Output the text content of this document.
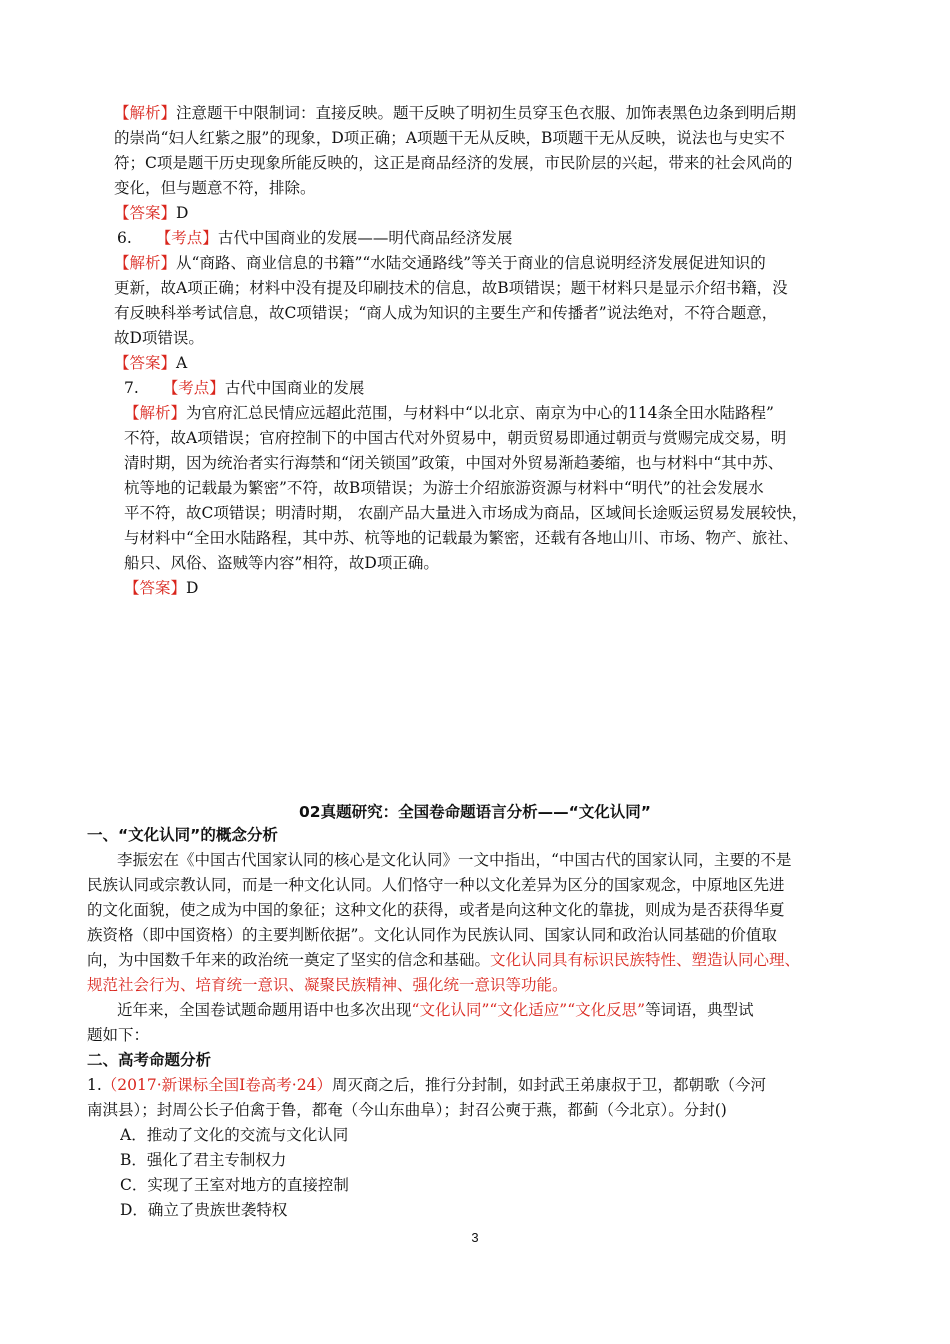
【解析】注意题干中限制词：直接反映。题干反映了明初生员穿玉色衣服、加饰表黑色边条到明后期
的崇尚“妇人红紫之服”的现象，D项正确；A项题干无从反映，B项题干无从反映，说法也与史实不
符；C项是题干历史现象所能反映的，这正是商品经济的发展，市民阶层的兴起，带来的社会风尚的
变化，但与题意不符，排除。
【答案】D
6. 【考点】古代中国商业的发展——明代商品经济发展
【解析】从“商路、商业信息的书籍”“水陆交通路线”等关于商业的信息说明经济发展促进知识的
更新，故A项正确；材料中没有提及印刷技术的信息，故B项错误；题干材料只是显示介绍书籍，没
有反映科举考试信息，故C项错误；“商人成为知识的主要生产和传播者”说法绝对，不符合题意，
故D项错误。
【答案】A
7. 【考点】古代中国商业的发展
【解析】为官府汇总民情应远超此范围，与材料中“以北京、南京为中心的114条全田水陆路程”
不符，故A项错误；官府控制下的中国古代对外贸易中，朝贡贸易即通过朝贡与赏赐完成交易，明
清时期，因为统治者实行海禁和“闭关锁国”政策，中国对外贸易渐趋萎缩，也与材料中“其中苏、
杭等地的记载最为繁密”不符，故B项错误；为游士介绍旅游资源与材料中“明代”的社会发展水
平不符，故C项错误；明清时期， 农副产品大量进入市场成为商品，区域间长途贩运贸易发展较快，
与材料中“全田水陆路程，其中苏、杭等地的记载最为繁密，还载有各地山川、市场、物产、旅社、
船只、风俗、盗贼等内容”相符，故D项正确。
【答案】D
02真题研究：全国卷命题语言分析——“文化认同”
一、“文化认同”的概念分析
李振宏在《中国古代国家认同的核心是文化认同》一文中指出，“中国古代的国家认同，主要的不是
民族认同或宗教认同，而是一种文化认同。人们恪守一种以文化差异为区分的国家观念，中原地区先进
的文化面貌，使之成为中国的象征；这种文化的获得，或者是向这种文化的靠拢，则成为是否获得华夏
族资格（即中国资格）的主要判断依据”。文化认同作为民族认同、国家认同和政治认同基础的价值取
向，为中国数千年来的政治统一奠定了坚实的信念和基础。文化认同具有标识民族特性、塑造认同心理、
规范社会行为、培育统一意识、凝聚民族精神、强化统一意识等功能。
近年来，全国卷试题命题用语中也多次出现“文化认同”“文化适应”“文化反思”等词语，典型试
题如下：
二、高考命题分析
1.（2017·新课标全国Ⅰ卷高考·24）周灭商之后，推行分封制，如封武王弟康叔于卫，都朝歌（今河
南淇县）；封周公长子伯禽于鲁，都奄（今山东曲阜）；封召公奭于燕，都蓟（今北京）。分封()
A．推动了文化的交流与文化认同
B．强化了君主专制权力
C．实现了王室对地方的直接控制
D．确立了贵族世袭特权
3
